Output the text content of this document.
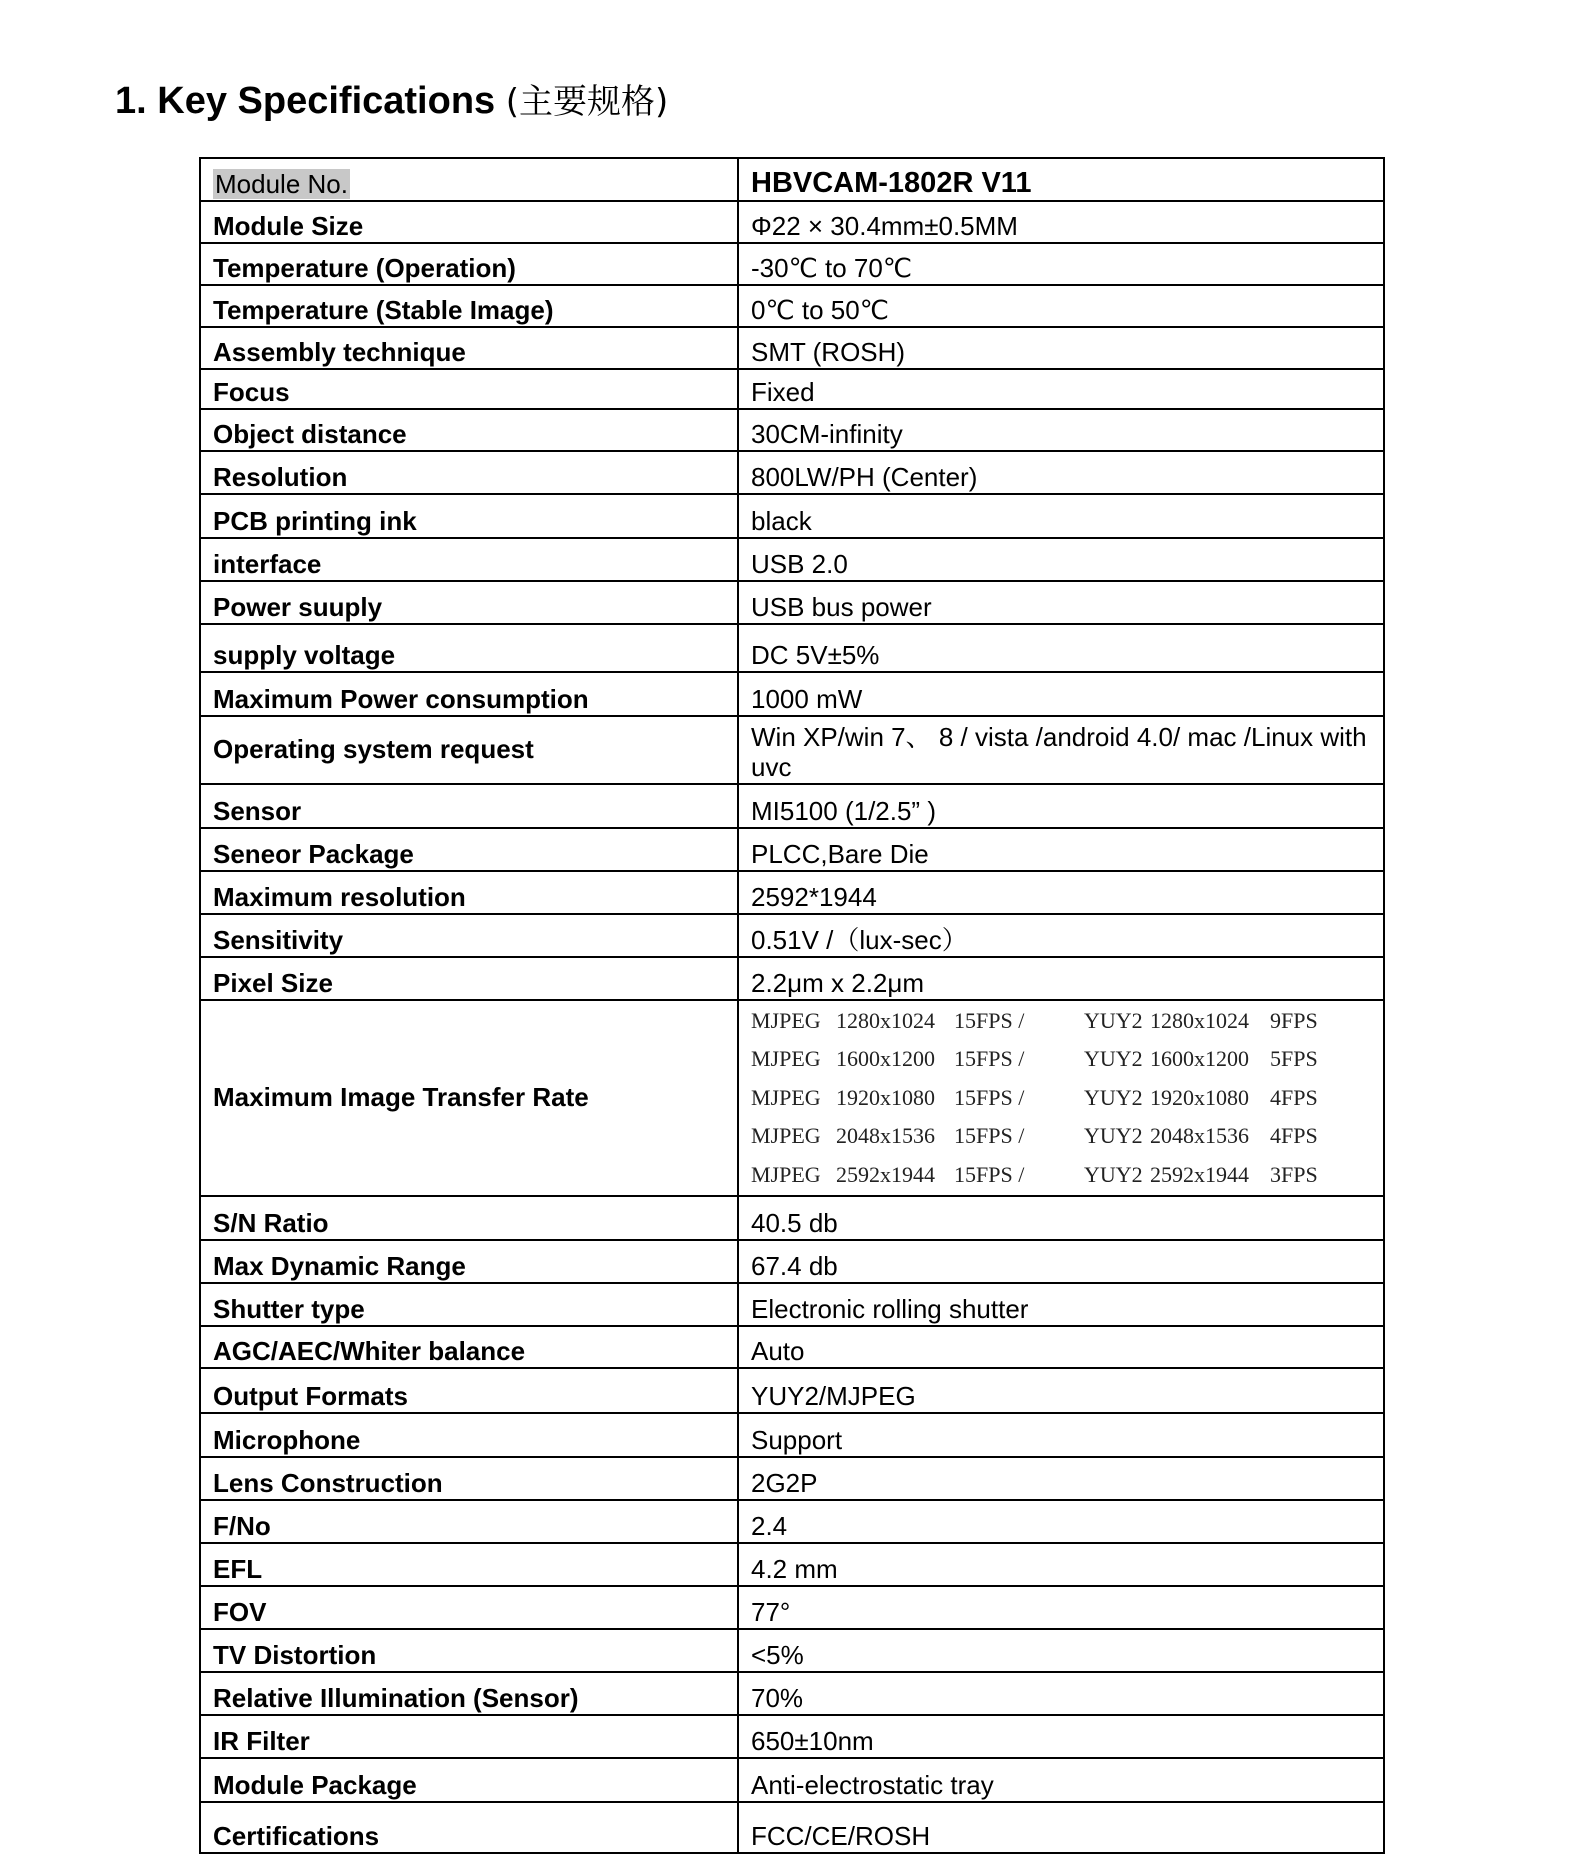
1. Key Specifications (主要规格)
Module No.	HBVCAM-1802R V11
Module Size	Φ22 × 30.4mm±0.5MM
Temperature (Operation)	-30℃ to 70℃
Temperature (Stable Image)	0℃ to 50℃
Assembly technique	SMT (ROSH)
Focus	Fixed
Object distance	30CM-infinity
Resolution	800LW/PH (Center)
PCB printing ink	black
interface	USB 2.0
Power suuply	USB bus power
supply voltage	DC 5V±5%
Maximum Power consumption	1000 mW
Operating system request	Win XP/win 7、 8 / vista /android 4.0/ mac /Linux with uvc
Sensor	MI5100 (1/2.5” )
Seneor Package	PLCC,Bare Die
Maximum resolution	2592*1944
Sensitivity	0.51V /（lux-sec）
Pixel Size	2.2μm x 2.2μm
Maximum Image Transfer Rate	MJPEG 1280x1024 15FPS / YUY2 1280x1024 9FPS
MJPEG 1600x1200 15FPS / YUY2 1600x1200 5FPS
MJPEG 1920x1080 15FPS / YUY2 1920x1080 4FPS
MJPEG 2048x1536 15FPS / YUY2 2048x1536 4FPS
MJPEG 2592x1944 15FPS / YUY2 2592x1944 3FPS

S/N Ratio	40.5 db
Max Dynamic Range	67.4 db
Shutter type	Electronic rolling shutter
AGC/AEC/Whiter balance	Auto
Output Formats	YUY2/MJPEG
Microphone	Support
Lens Construction	2G2P
F/No	2.4
EFL	4.2 mm
FOV	77°
TV Distortion	<5%
Relative Illumination (Sensor)	70%
IR Filter	650±10nm
Module Package	Anti-electrostatic tray
Certifications	FCC/CE/ROSH
